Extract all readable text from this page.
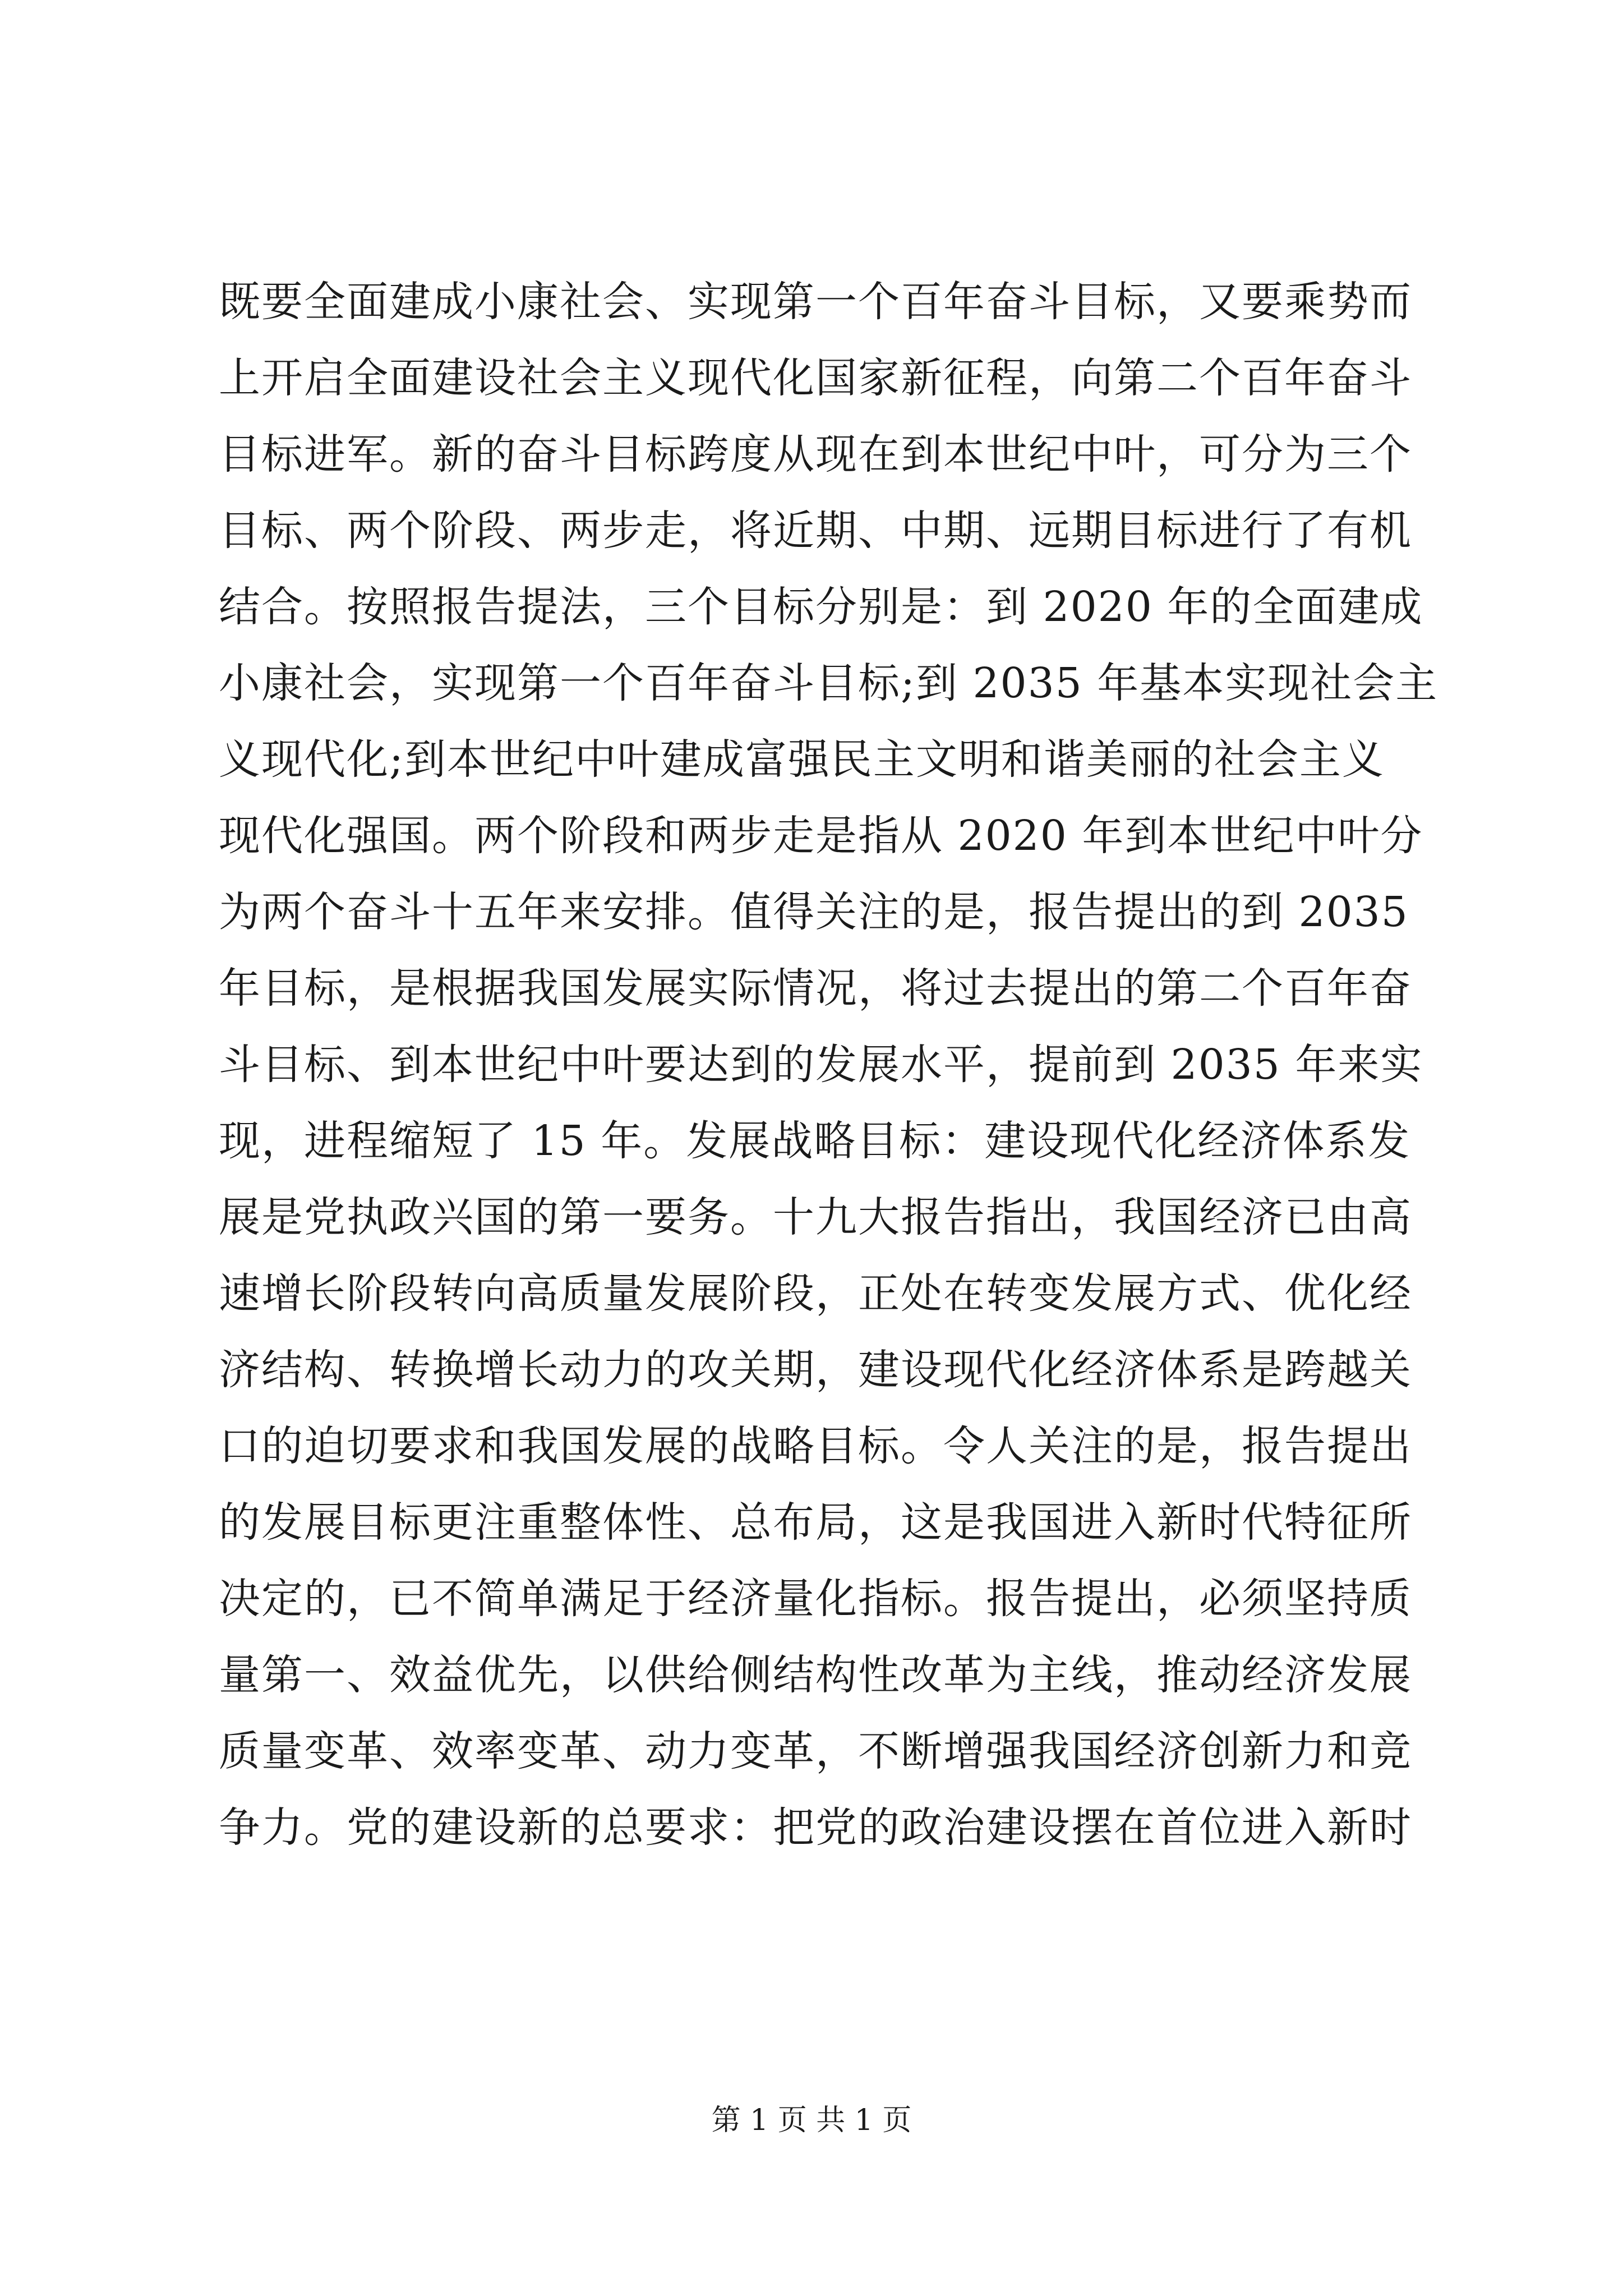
既要全面建成小康社会、实现第一个百年奋斗目标，又要乘势而
上开启全面建设社会主义现代化国家新征程，向第二个百年奋斗
目标进军。新的奋斗目标跨度从现在到本世纪中叶，可分为三个
目标、两个阶段、两步走，将近期、中期、远期目标进行了有机
结合。按照报告提法，三个目标分别是：到 2020 年的全面建成
小康社会，实现第一个百年奋斗目标;到 2035 年基本实现社会主
义现代化;到本世纪中叶建成富强民主文明和谐美丽的社会主义
现代化强国。两个阶段和两步走是指从 2020 年到本世纪中叶分
为两个奋斗十五年来安排。值得关注的是，报告提出的到 2035
年目标，是根据我国发展实际情况，将过去提出的第二个百年奋
斗目标、到本世纪中叶要达到的发展水平，提前到 2035 年来实
现，进程缩短了 15 年。发展战略目标：建设现代化经济体系发
展是党执政兴国的第一要务。十九大报告指出，我国经济已由高
速增长阶段转向高质量发展阶段，正处在转变发展方式、优化经
济结构、转换增长动力的攻关期，建设现代化经济体系是跨越关
口的迫切要求和我国发展的战略目标。令人关注的是，报告提出
的发展目标更注重整体性、总布局，这是我国进入新时代特征所
决定的，已不简单满足于经济量化指标。报告提出，必须坚持质
量第一、效益优先，以供给侧结构性改革为主线，推动经济发展
质量变革、效率变革、动力变革，不断增强我国经济创新力和竞
争力。党的建设新的总要求：把党的政治建设摆在首位进入新时
第 1 页 共 1 页
